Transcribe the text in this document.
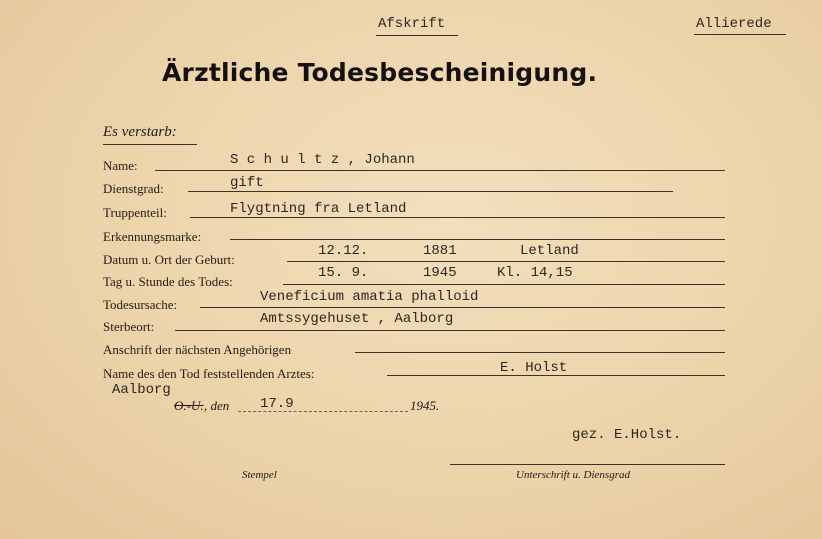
Afskrift	Allierede
Ärztliche Todesbescheinigung.
Es verstarb:
Name:	S c h u l t z , Johann
Dienstgrad:	gift
Truppenteil:	Flygtning fra Letland
Erkennungsmarke:
Datum u. Ort der Geburt:
12.12.	1881	Letland
Tag u. Stunde des Todes:
15. 9.	1945	Kl. 14,15
Todesursache:	Veneficium amatia phalloid
Sterbeort:	Amtssygehuset , Aalborg
Anschrift der nächsten Angehörigen
Name des den Tod feststellenden Arztes:	E. Holst
Aalborg
O.-U. , den 17.9	1945.
gez. E.Holst.
Stempel	Unterschrift u. Diensgrad
